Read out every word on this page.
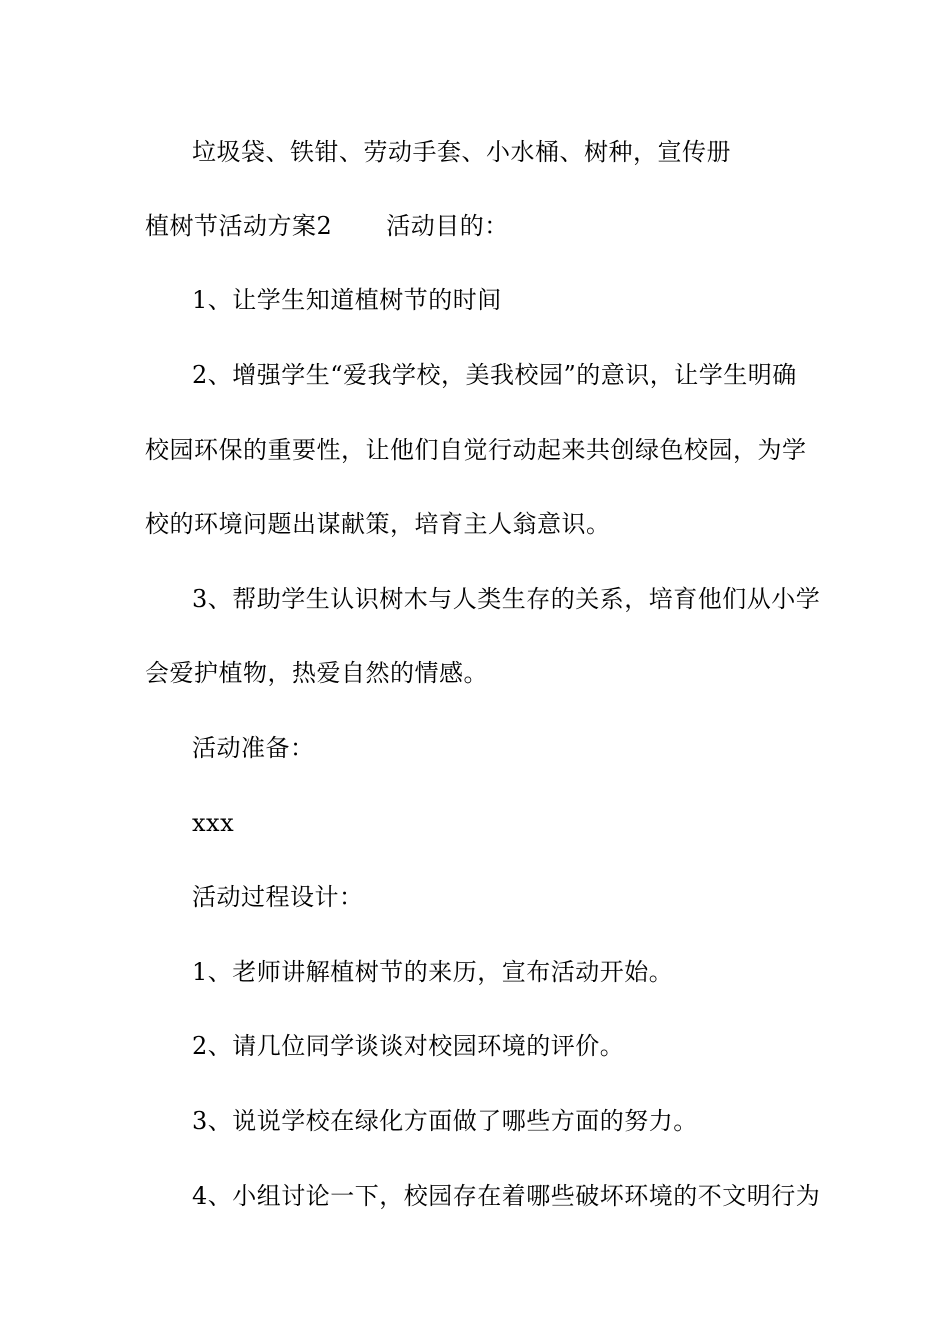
垃圾袋、铁钳、劳动手套、小水桶、树种，宣传册
植树节活动方案2 活动目的：
1、让学生知道植树节的时间
2、增强学生“爱我学校，美我校园”的意识，让学生明确
校园环保的重要性，让他们自觉行动起来共创绿色校园，为学
校的环境问题出谋献策，培育主人翁意识。
3、帮助学生认识树木与人类生存的关系，培育他们从小学
会爱护植物，热爱自然的情感。
活动准备：
xxx
活动过程设计：
1、老师讲解植树节的来历，宣布活动开始。
2、请几位同学谈谈对校园环境的评价。
3、说说学校在绿化方面做了哪些方面的努力。
4、小组讨论一下，校园存在着哪些破坏环境的不文明行为
